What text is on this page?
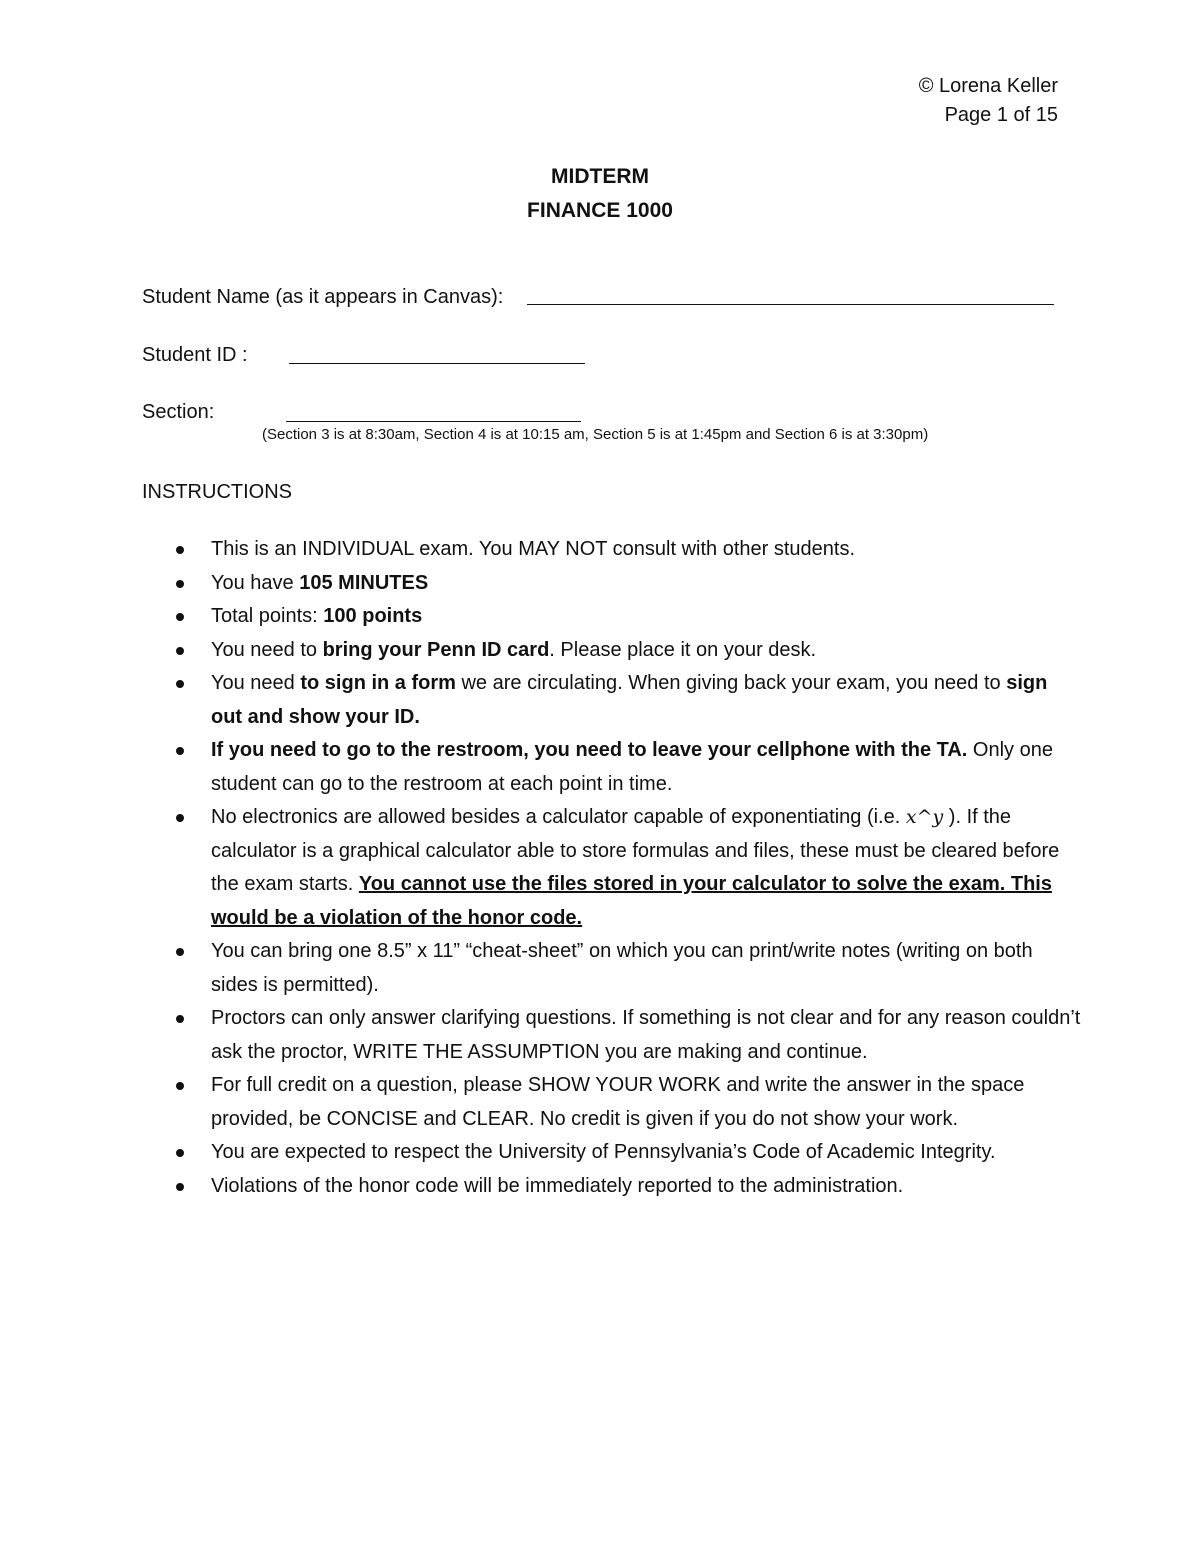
© Lorena Keller
Page 1 of 15
MIDTERM
FINANCE 1000
Student Name (as it appears in Canvas):
Student ID :
Section:
(Section 3 is at 8:30am, Section 4 is at 10:15 am, Section 5 is at 1:45pm and Section 6 is at 3:30pm)
INSTRUCTIONS
This is an INDIVIDUAL exam. You MAY NOT consult with other students.
You have 105 MINUTES
Total points: 100 points
You need to bring your Penn ID card. Please place it on your desk.
You need to sign in a form we are circulating. When giving back your exam, you need to sign out and show your ID.
If you need to go to the restroom, you need to leave your cellphone with the TA. Only one student can go to the restroom at each point in time.
No electronics are allowed besides a calculator capable of exponentiating (i.e. x^y ). If the calculator is a graphical calculator able to store formulas and files, these must be cleared before the exam starts. You cannot use the files stored in your calculator to solve the exam. This would be a violation of the honor code.
You can bring one 8.5” x 11” “cheat-sheet” on which you can print/write notes (writing on both sides is permitted).
Proctors can only answer clarifying questions. If something is not clear and for any reason couldn’t ask the proctor, WRITE THE ASSUMPTION you are making and continue.
For full credit on a question, please SHOW YOUR WORK and write the answer in the space provided, be CONCISE and CLEAR. No credit is given if you do not show your work.
You are expected to respect the University of Pennsylvania’s Code of Academic Integrity.
Violations of the honor code will be immediately reported to the administration.
